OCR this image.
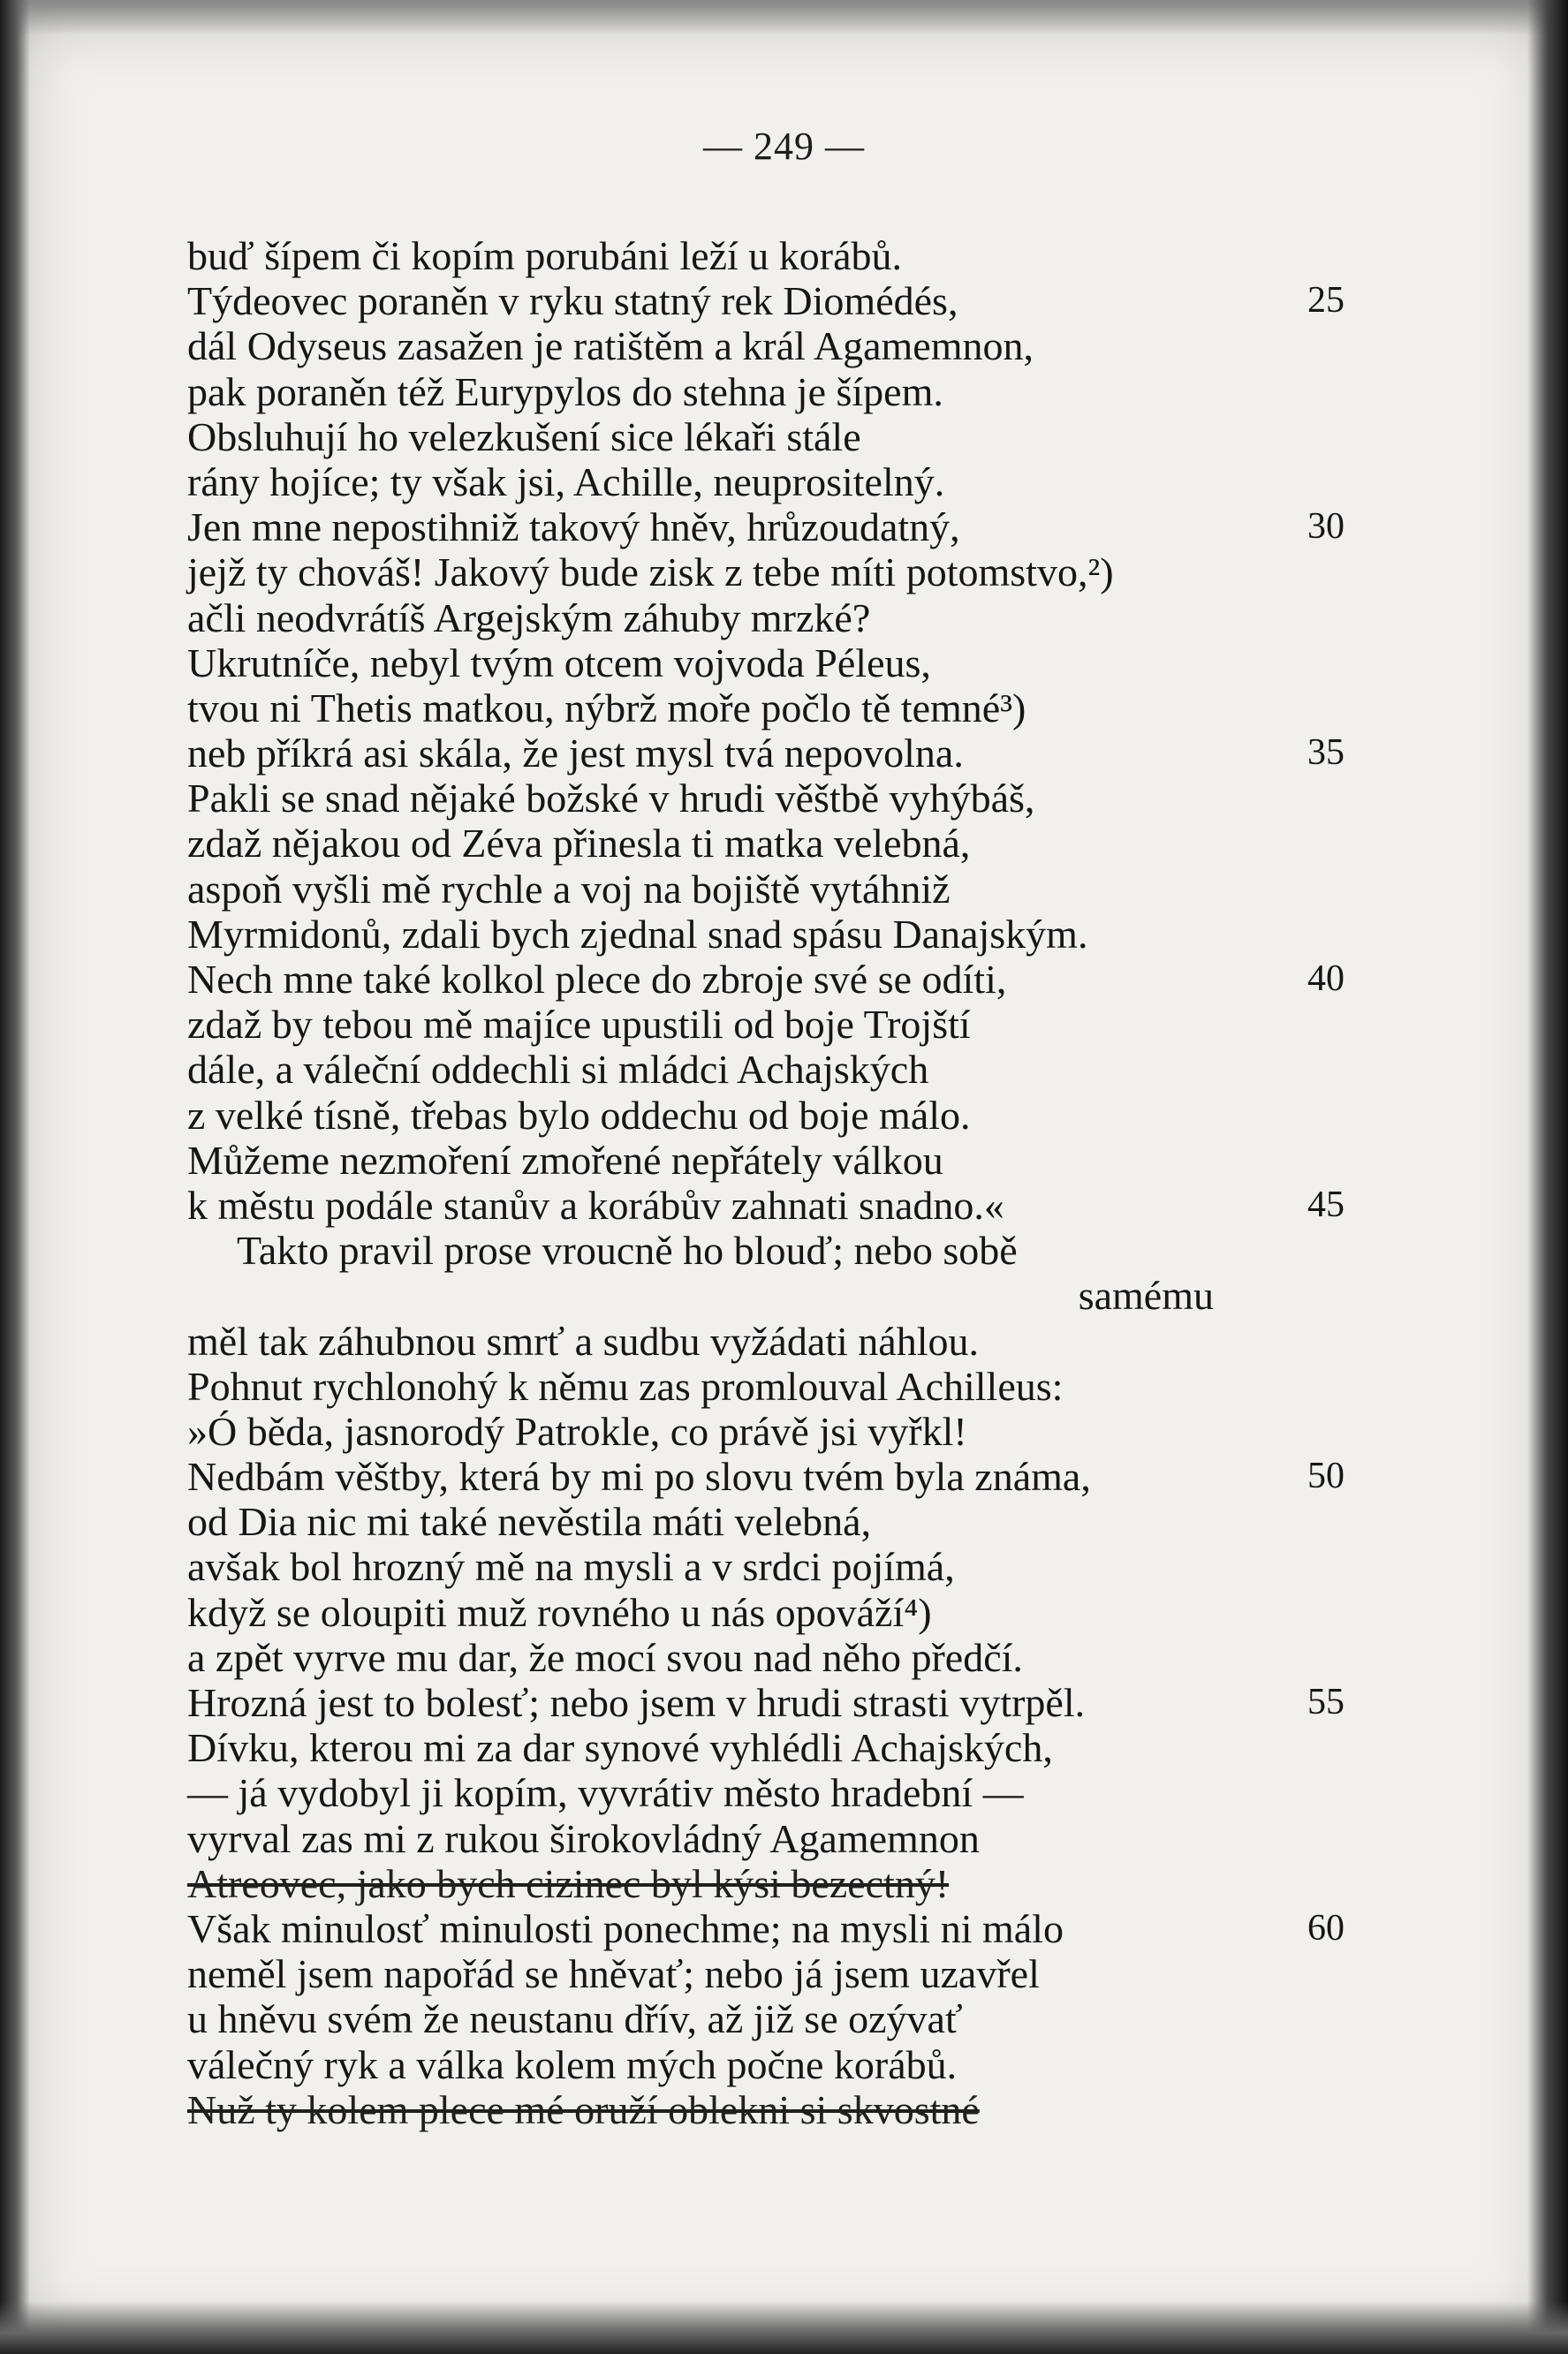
— 249 —
buď šípem či kopím porubáni leží u korábů.
Týdeovec poraněn v ryku statný rek Diomédés,	25
dál Odyseus zasažen je ratištěm a král Agamemnon,
pak poraněn též Eurypylos do stehna je šípem.
Obsluhují ho velezkušení sice lékaři stále
rány hojíce; ty však jsi, Achille, neuprositelný.
Jen mne nepostihniž takový hněv, hrůzoudatný,	30
jejž ty chováš! Jakový bude zisk z tebe míti potomstvo,²)
ačli neodvrátíš Argejským záhuby mrzké?
Ukrutníče, nebyl tvým otcem vojvoda Péleus,
tvou ni Thetis matkou, nýbrž moře počlo tě temné³)
neb příkrá asi skála, že jest mysl tvá nepovolna.	35
Pakli se snad nějaké božské v hrudi věštbě vyhýbáš,
zdaž nějakou od Zéva přinesla ti matka velebná,
aspoň vyšli mě rychle a voj na bojiště vytáhniž
Myrmidonů, zdali bych zjednal snad spásu Danajským.
Nech mne také kolkol plece do zbroje své se odíti,	40
zdaž by tebou mě majíce upustili od boje Trojští
dále, a váleční oddechli si mládci Achajských
z velké tísně, třebas bylo oddechu od boje málo.
Můžeme nezmoření zmořené nepřátely válkou
k městu podále stanův a korábův zahnati snadno.«	45
Takto pravil prose vroucně ho blouď; nebo sobě
samému
měl tak záhubnou smrť a sudbu vyžádati náhlou.
Pohnut rychlonohý k němu zas promlouval Achilleus:
»Ó běda, jasnorodý Patrokle, co právě jsi vyřkl!
Nedbám věštby, která by mi po slovu tvém byla známa,	50
od Dia nic mi také nevěstila máti velebná,
avšak bol hrozný mě na mysli a v srdci pojímá,
když se oloupiti muž rovného u nás opováží⁴)
a zpět vyrve mu dar, že mocí svou nad něho předčí.
Hrozná jest to bolesť; nebo jsem v hrudi strasti vytrpěl.	55
Dívku, kterou mi za dar synové vyhlédli Achajských,
— já vydobyl ji kopím, vyvrátiv město hradební —
vyrval zas mi z rukou širokovládný Agamemnon
Atreovec, jako bych cizinec byl kýsi bezectný!
Však minulosť minulosti ponechme; na mysli ni málo	60
neměl jsem napořád se hněvať; nebo já jsem uzavřel
u hněvu svém že neustanu dřív, až již se ozývať
válečný ryk a válka kolem mých počne korábů.
Nuž ty kolem plece mé oruží oblekni si skvostné
